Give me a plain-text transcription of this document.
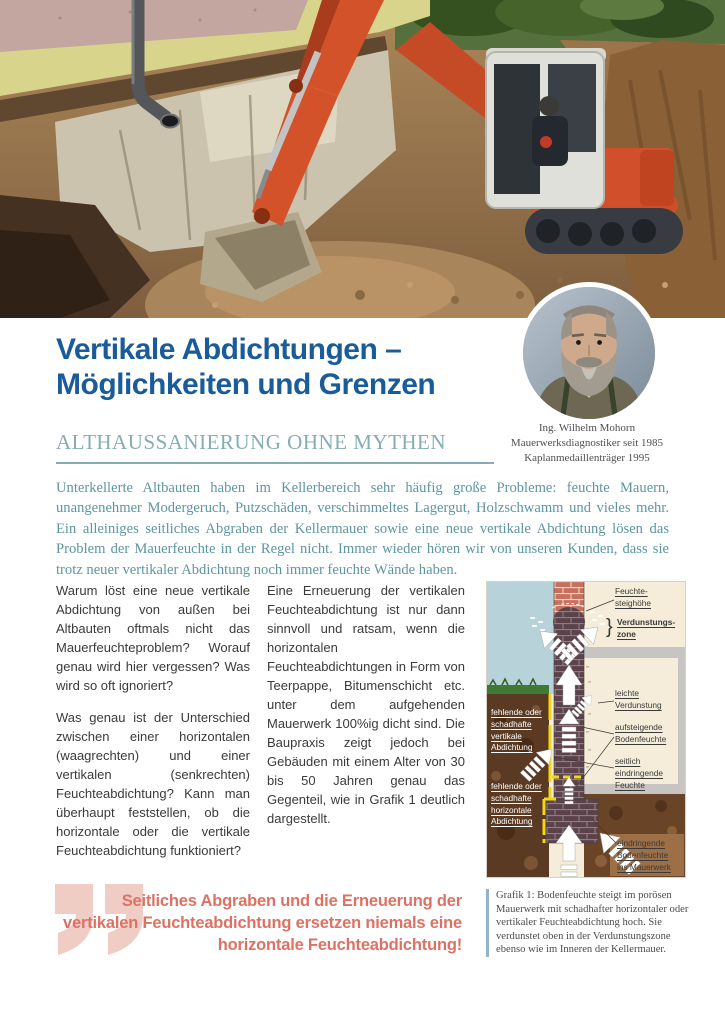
Ing. Wilhelm Mohorn
Mauerwerksdiagnostiker seit 1985
Kaplanmedaillenträger 1995
Vertikale Abdichtungen – Möglichkeiten und Grenzen
ALTHAUSSANIERUNG OHNE MYTHEN
Unterkellerte Altbauten haben im Kellerbereich sehr häufig große Probleme: feuchte Mauern, unangenehmer Modergeruch, Putzschäden, verschimmeltes Lagergut, Holzschwamm und vieles mehr. Ein alleiniges seitliches Abgraben der Kellermauer sowie eine neue vertikale Abdichtung lösen das Problem der Mauerfeuchte in der Regel nicht. Immer wieder hören wir von unseren Kunden, dass sie trotz neuer vertikaler Abdichtung noch immer feuchte Wände haben.

Warum löst eine neue vertikale Abdichtung von außen bei Altbauten oftmals nicht das Mauerfeuchteproblem? Worauf genau wird hier vergessen? Was wird so oft ignoriert?

Was genau ist der Unterschied zwischen einer horizontalen (waagrechten) und einer vertikalen (senkrechten) Feuchteabdichtung? Kann man überhaupt feststellen, ob die horizontale oder die vertikale Feuchteabdichtung funktioniert?

Eine Erneuerung der vertikalen Feuchteabdichtung ist nur dann sinnvoll und ratsam, wenn die horizontalen Feuchteabdichtungen in Form von Teerpappe, Bitumenschicht etc. unter dem aufgehenden Mauerwerk 100%ig dicht sind. Die Baupraxis zeigt jedoch bei Gebäuden mit einem Alter von 30 bis 50 Jahren genau das Gegenteil, wie in Grafik 1 deutlich dargestellt.

Feuchte-steighöhe
} Verdunstungs-zone
leichte Verdunstung
aufsteigende Bodenfeuchte
seitlich eindringende Feuchte
eindringende Bodenfeuchte ins Mauerwerk
fehlende oder schadhafte vertikale Abdichtung
fehlende oder schadhafte horizontale Abdichtung
Grafik 1: Bodenfeuchte steigt im porösen Mauerwerk mit schadhafter horizontaler oder vertikaler Feuchteabdichtung hoch. Sie verdunstet oben in der Verdunstungszone ebenso wie im Inneren der Kellermauer.
Seitliches Abgraben und die Erneuerung der vertikalen Feuchteabdichtung ersetzen niemals eine horizontale Feuchteabdichtung!
